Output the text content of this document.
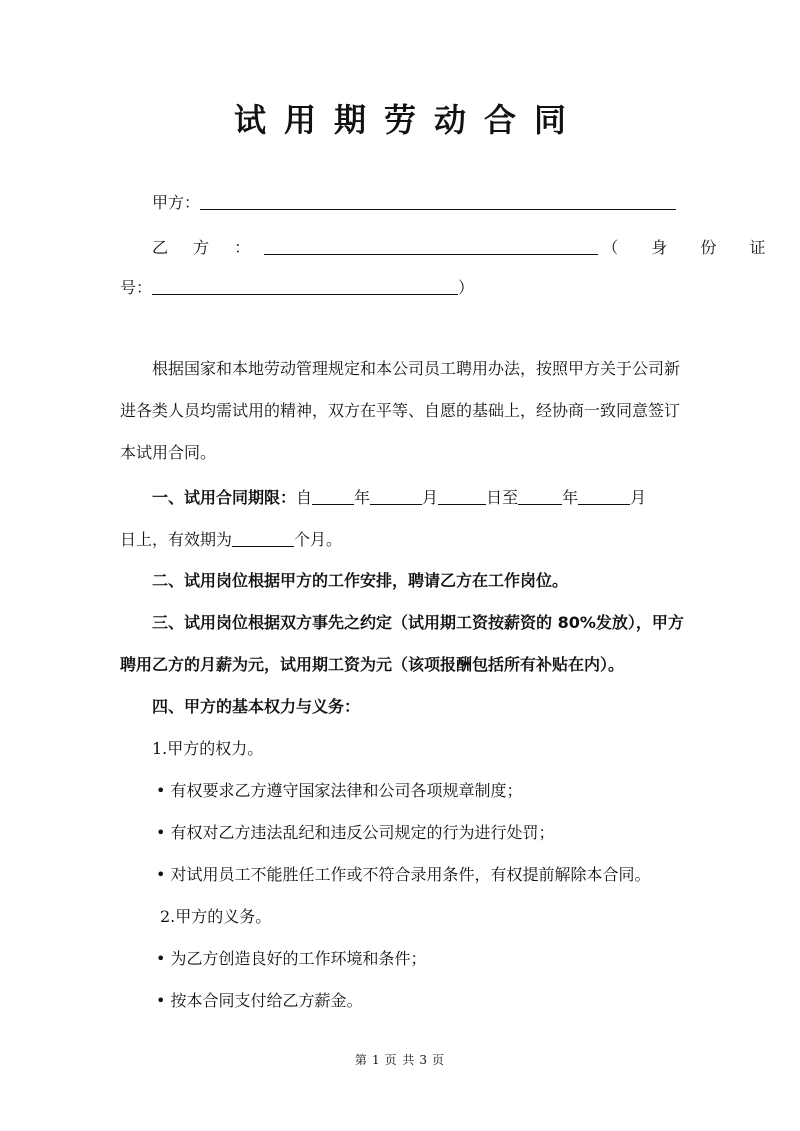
试用期劳动合同
甲方：
乙 方 ：	（ 身 份 证
号：	）
根据国家和本地劳动管理规定和本公司员工聘用办法，按照甲方关于公司新
进各类人员均需试用的精神，双方在平等、自愿的基础上，经协商一致同意签订
本试用合同。
一、试用合同期限：自	年	月	日至	年	月
日上，有效期为	个月。
二、试用岗位根据甲方的工作安排，聘请乙方在工作岗位。
三、试用岗位根据双方事先之约定（试用期工资按薪资的 80%发放），甲方
聘用乙方的月薪为元，试用期工资为元（该项报酬包括所有补贴在内）。
四、甲方的基本权力与义务：
1.甲方的权力。
• 有权要求乙方遵守国家法律和公司各项规章制度；
• 有权对乙方违法乱纪和违反公司规定的行为进行处罚；
• 对试用员工不能胜任工作或不符合录用条件，有权提前解除本合同。
2.甲方的义务。
• 为乙方创造良好的工作环境和条件；
• 按本合同支付给乙方薪金。
第 1 页 共 3 页
